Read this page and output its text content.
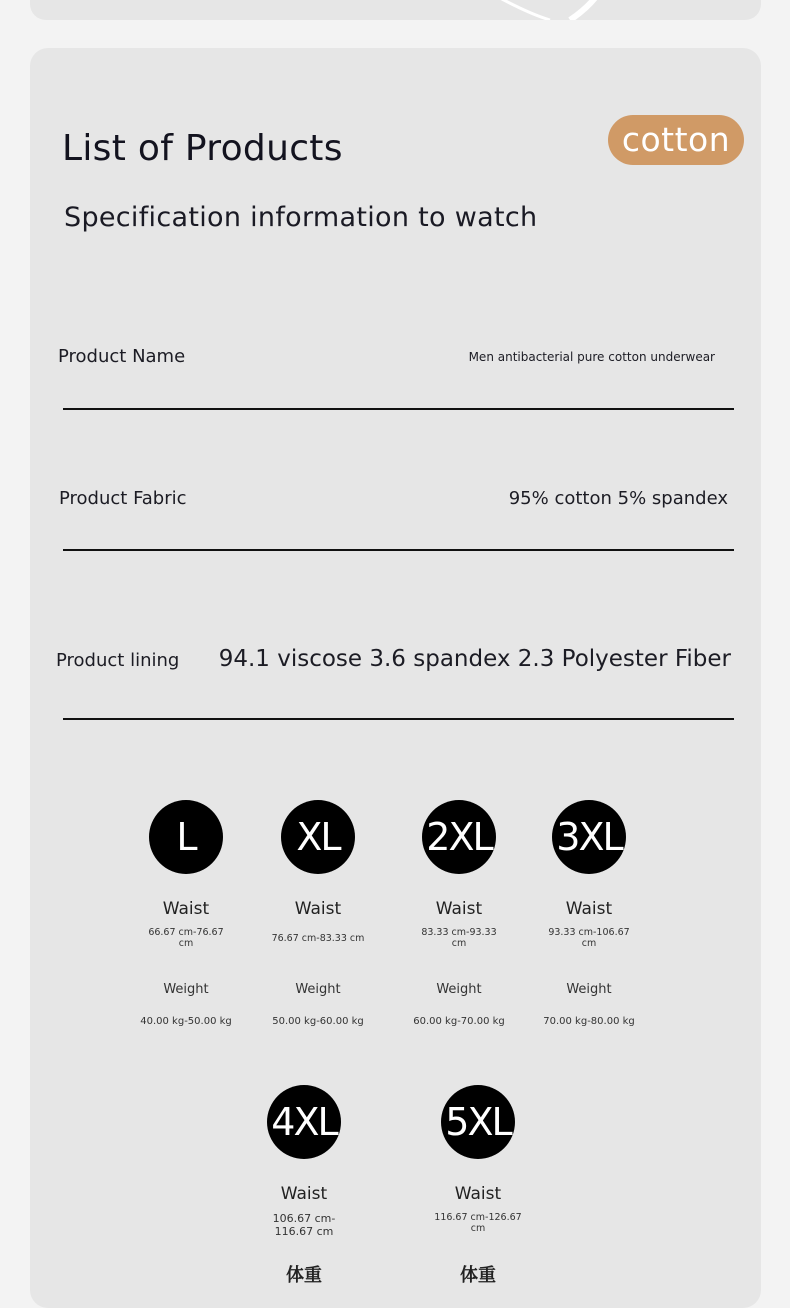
List of Products	cotton
Specification information to watch
Product Name	Men antibacterial pure cotton underwear
Product Fabric	95% cotton 5% spandex
Product lining 94.1 viscose 3.6 spandex 2.3 Polyester Fiber
L
Waist
66.67 cm-76.67 cm
Weight
40.00 kg-50.00 kg
XL
Waist
76.67 cm-83.33 cm
Weight
50.00 kg-60.00 kg
2XL
Waist
83.33 cm-93.33 cm
Weight
60.00 kg-70.00 kg
3XL
Waist
93.33 cm-106.67 cm
Weight
70.00 kg-80.00 kg
4XL
Waist
106.67 cm-116.67 cm
体重
5XL
Waist
116.67 cm-126.67 cm
体重
